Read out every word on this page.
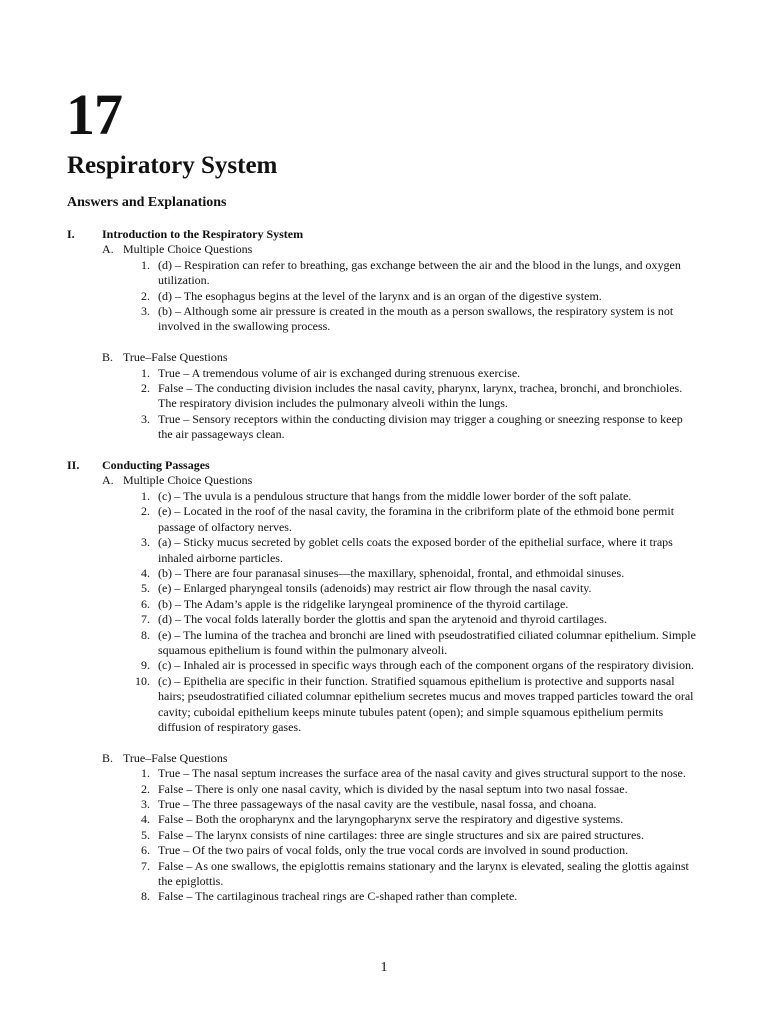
17
Respiratory System
Answers and Explanations
I.	Introduction to the Respiratory System
A. Multiple Choice Questions
1. (d) – Respiration can refer to breathing, gas exchange between the air and the blood in the lungs, and oxygen utilization.
2. (d) – The esophagus begins at the level of the larynx and is an organ of the digestive system.
3. (b) – Although some air pressure is created in the mouth as a person swallows, the respiratory system is not involved in the swallowing process.
B. True–False Questions
1. True – A tremendous volume of air is exchanged during strenuous exercise.
2. False – The conducting division includes the nasal cavity, pharynx, larynx, trachea, bronchi, and bronchioles. The respiratory division includes the pulmonary alveoli within the lungs.
3. True – Sensory receptors within the conducting division may trigger a coughing or sneezing response to keep the air passageways clean.
II.	Conducting Passages
A. Multiple Choice Questions
1. (c) – The uvula is a pendulous structure that hangs from the middle lower border of the soft palate.
2. (e) – Located in the roof of the nasal cavity, the foramina in the cribriform plate of the ethmoid bone permit passage of olfactory nerves.
3. (a) – Sticky mucus secreted by goblet cells coats the exposed border of the epithelial surface, where it traps inhaled airborne particles.
4. (b) – There are four paranasal sinuses—the maxillary, sphenoidal, frontal, and ethmoidal sinuses.
5. (e) – Enlarged pharyngeal tonsils (adenoids) may restrict air flow through the nasal cavity.
6. (b) – The Adam’s apple is the ridgelike laryngeal prominence of the thyroid cartilage.
7. (d) – The vocal folds laterally border the glottis and span the arytenoid and thyroid cartilages.
8. (e) – The lumina of the trachea and bronchi are lined with pseudostratified ciliated columnar epithelium. Simple squamous epithelium is found within the pulmonary alveoli.
9. (c) – Inhaled air is processed in specific ways through each of the component organs of the respiratory division.
10. (c) – Epithelia are specific in their function. Stratified squamous epithelium is protective and supports nasal hairs; pseudostratified ciliated columnar epithelium secretes mucus and moves trapped particles toward the oral cavity; cuboidal epithelium keeps minute tubules patent (open); and simple squamous epithelium permits diffusion of respiratory gases.
B. True–False Questions
1. True – The nasal septum increases the surface area of the nasal cavity and gives structural support to the nose.
2. False – There is only one nasal cavity, which is divided by the nasal septum into two nasal fossae.
3. True – The three passageways of the nasal cavity are the vestibule, nasal fossa, and choana.
4. False – Both the oropharynx and the laryngopharynx serve the respiratory and digestive systems.
5. False – The larynx consists of nine cartilages: three are single structures and six are paired structures.
6. True – Of the two pairs of vocal folds, only the true vocal cords are involved in sound production.
7. False – As one swallows, the epiglottis remains stationary and the larynx is elevated, sealing the glottis against the epiglottis.
8. False – The cartilaginous tracheal rings are C-shaped rather than complete.

1
